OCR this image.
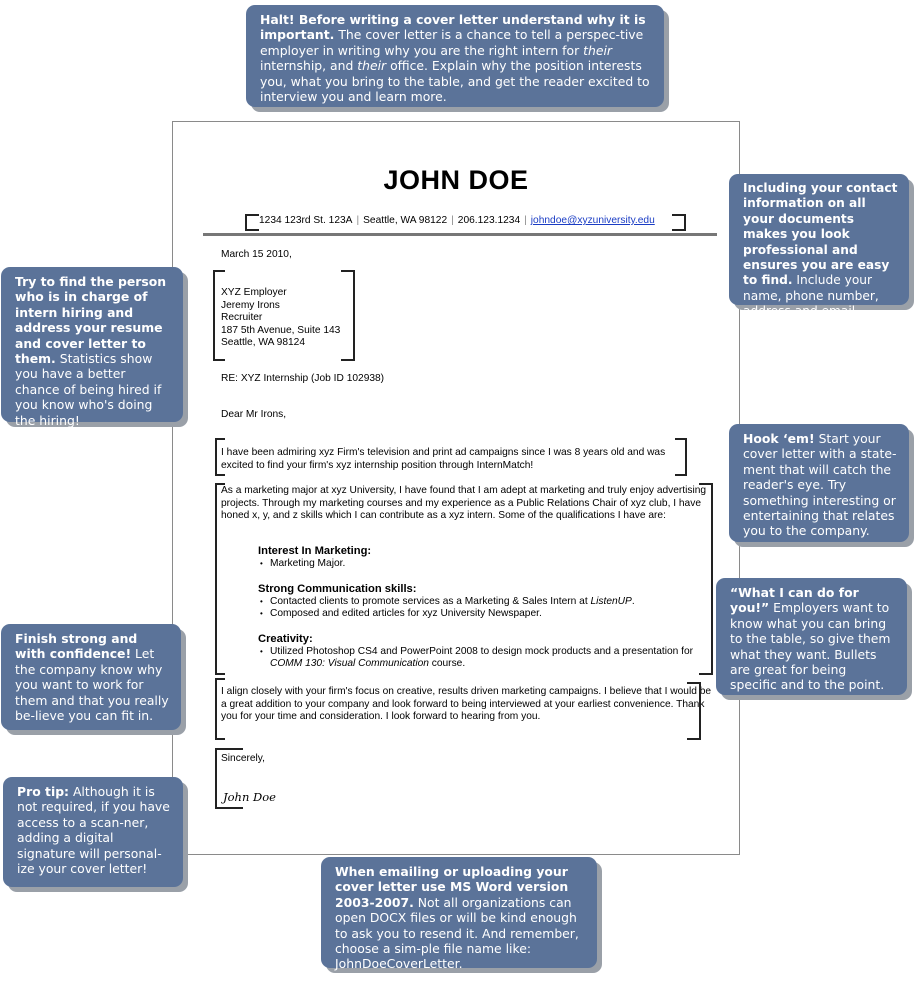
JOHN DOE
1234 123rd St. 123A | Seattle, WA 98122 | 206.123.1234 | johndoe@xyzuniversity.edu
March 15 2010,
XYZ Employer
Jeremy Irons
Recruiter
187 5th Avenue, Suite 143
Seattle, WA 98124
RE: XYZ Internship (Job ID 102938)
Dear Mr Irons,
I have been admiring xyz Firm's television and print ad campaigns since I was 8 years old and was excited to find your firm's xyz internship position through InternMatch!
As a marketing major at xyz University, I have found that I am adept at marketing and truly enjoy advertising projects. Through my marketing courses and my experience as a Public Relations Chair of xyz club, I have honed x, y, and z skills which I can contribute as a xyz intern. Some of the qualifications I have are:
Interest In Marketing:
• Marketing Major.
Strong Communication skills:
• Contacted clients to promote services as a Marketing & Sales Intern at ListenUP.
• Composed and edited articles for xyz University Newspaper.
Creativity:
• Utilized Photoshop CS4 and PowerPoint 2008 to design mock products and a presentation for COMM 130: Visual Communication course.
I align closely with your firm's focus on creative, results driven marketing campaigns. I believe that I would be a great addition to your company and look forward to being interviewed at your earliest convenience. Thank you for your time and consideration. I look forward to hearing from you.
Sincerely,
John Doe
Halt! Before writing a cover letter understand why it is important. The cover letter is a chance to tell a perspec-tive employer in writing why you are the right intern for their internship, and their office. Explain why the position interests you, what you bring to the table, and get the reader excited to interview you and learn more.
Including your contact information on all your documents makes you look professional and ensures you are easy to find. Include your name, phone number, address and email.
Try to find the person who is in charge of intern hiring and address your resume and cover letter to them. Statistics show you have a better chance of being hired if you know who's doing the hiring!
Hook ‘em! Start your cover letter with a state-ment that will catch the reader's eye. Try something interesting or entertaining that relates you to the company.
“What I can do for you!” Employers want to know what you can bring to the table, so give them what they want. Bullets are great for being specific and to the point.
Finish strong and with confidence! Let the company know why you want to work for them and that you really be-lieve you can fit in.
Pro tip: Although it is not required, if you have access to a scan-ner, adding a digital signature will personal-ize your cover letter!	When emailing or uploading your cover letter use MS Word version 2003-2007. Not all organizations can open DOCX files or will be kind enough to ask you to resend it. And remember, choose a sim-ple file name like: JohnDoeCoverLetter.
